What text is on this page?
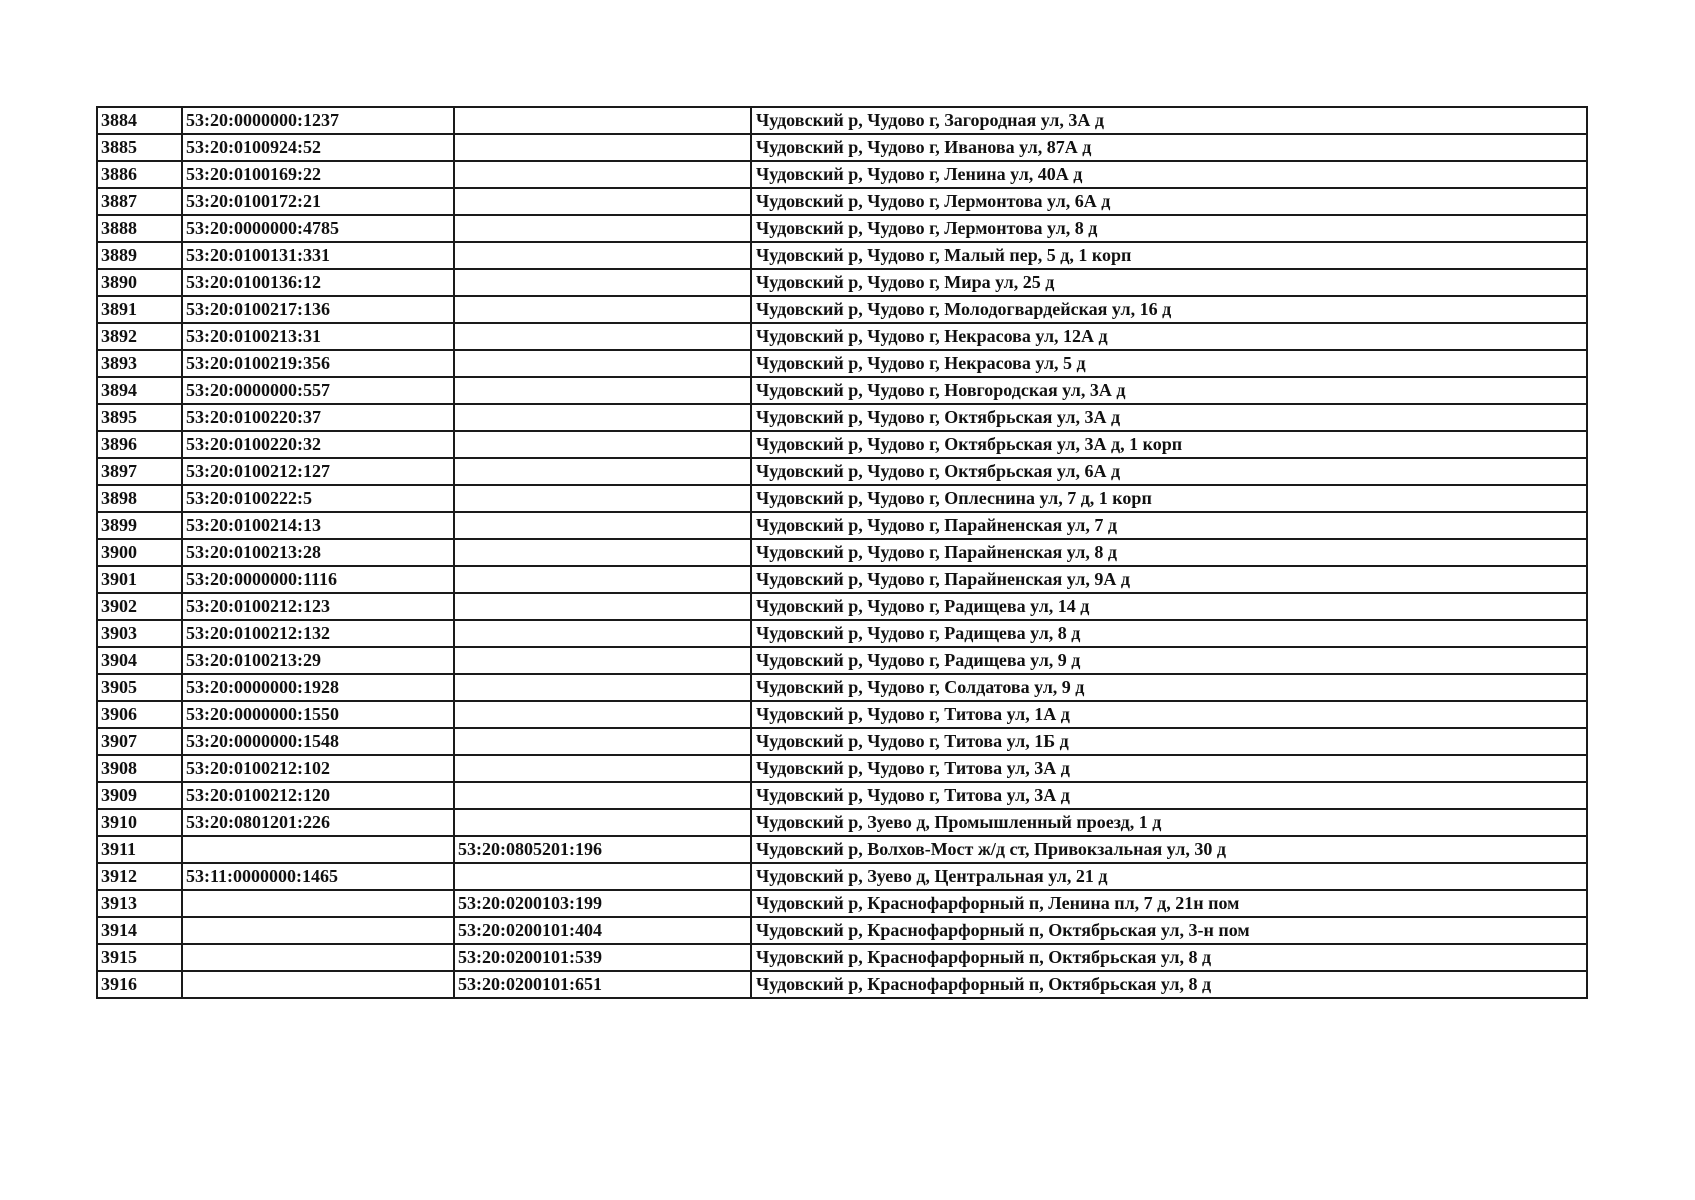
3884	53:20:0000000:1237		Чудовский р, Чудово г, Загородная ул, 3А д
3885	53:20:0100924:52		Чудовский р, Чудово г, Иванова ул, 87А д
3886	53:20:0100169:22		Чудовский р, Чудово г, Ленина ул, 40А д
3887	53:20:0100172:21		Чудовский р, Чудово г, Лермонтова ул, 6А д
3888	53:20:0000000:4785		Чудовский р, Чудово г, Лермонтова ул, 8 д
3889	53:20:0100131:331		Чудовский р, Чудово г, Малый пер, 5 д, 1 корп
3890	53:20:0100136:12		Чудовский р, Чудово г, Мира ул, 25 д
3891	53:20:0100217:136		Чудовский р, Чудово г, Молодогвардейская ул, 16 д
3892	53:20:0100213:31		Чудовский р, Чудово г, Некрасова ул, 12А д
3893	53:20:0100219:356		Чудовский р, Чудово г, Некрасова ул, 5 д
3894	53:20:0000000:557		Чудовский р, Чудово г, Новгородская ул, 3А д
3895	53:20:0100220:37		Чудовский р, Чудово г, Октябрьская ул, 3А д
3896	53:20:0100220:32		Чудовский р, Чудово г, Октябрьская ул, 3А д, 1 корп
3897	53:20:0100212:127		Чудовский р, Чудово г, Октябрьская ул, 6А д
3898	53:20:0100222:5		Чудовский р, Чудово г, Оплеснина ул, 7 д, 1 корп
3899	53:20:0100214:13		Чудовский р, Чудово г, Парайненская ул, 7 д
3900	53:20:0100213:28		Чудовский р, Чудово г, Парайненская ул, 8 д
3901	53:20:0000000:1116		Чудовский р, Чудово г, Парайненская ул, 9А д
3902	53:20:0100212:123		Чудовский р, Чудово г, Радищева ул, 14 д
3903	53:20:0100212:132		Чудовский р, Чудово г, Радищева ул, 8 д
3904	53:20:0100213:29		Чудовский р, Чудово г, Радищева ул, 9 д
3905	53:20:0000000:1928		Чудовский р, Чудово г, Солдатова ул, 9 д
3906	53:20:0000000:1550		Чудовский р, Чудово г, Титова ул, 1А д
3907	53:20:0000000:1548		Чудовский р, Чудово г, Титова ул, 1Б д
3908	53:20:0100212:102		Чудовский р, Чудово г, Титова ул, 3А д
3909	53:20:0100212:120		Чудовский р, Чудово г, Титова ул, 3А д
3910	53:20:0801201:226		Чудовский р, Зуево д, Промышленный проезд, 1 д
3911		53:20:0805201:196	Чудовский р, Волхов-Мост ж/д ст, Привокзальная ул, 30 д
3912	53:11:0000000:1465		Чудовский р, Зуево д, Центральная ул, 21 д
3913		53:20:0200103:199	Чудовский р, Краснофарфорный п, Ленина пл, 7 д, 21н пом
3914		53:20:0200101:404	Чудовский р, Краснофарфорный п, Октябрьская ул, 3-н пом
3915		53:20:0200101:539	Чудовский р, Краснофарфорный п, Октябрьская ул, 8 д
3916		53:20:0200101:651	Чудовский р, Краснофарфорный п, Октябрьская ул, 8 д
